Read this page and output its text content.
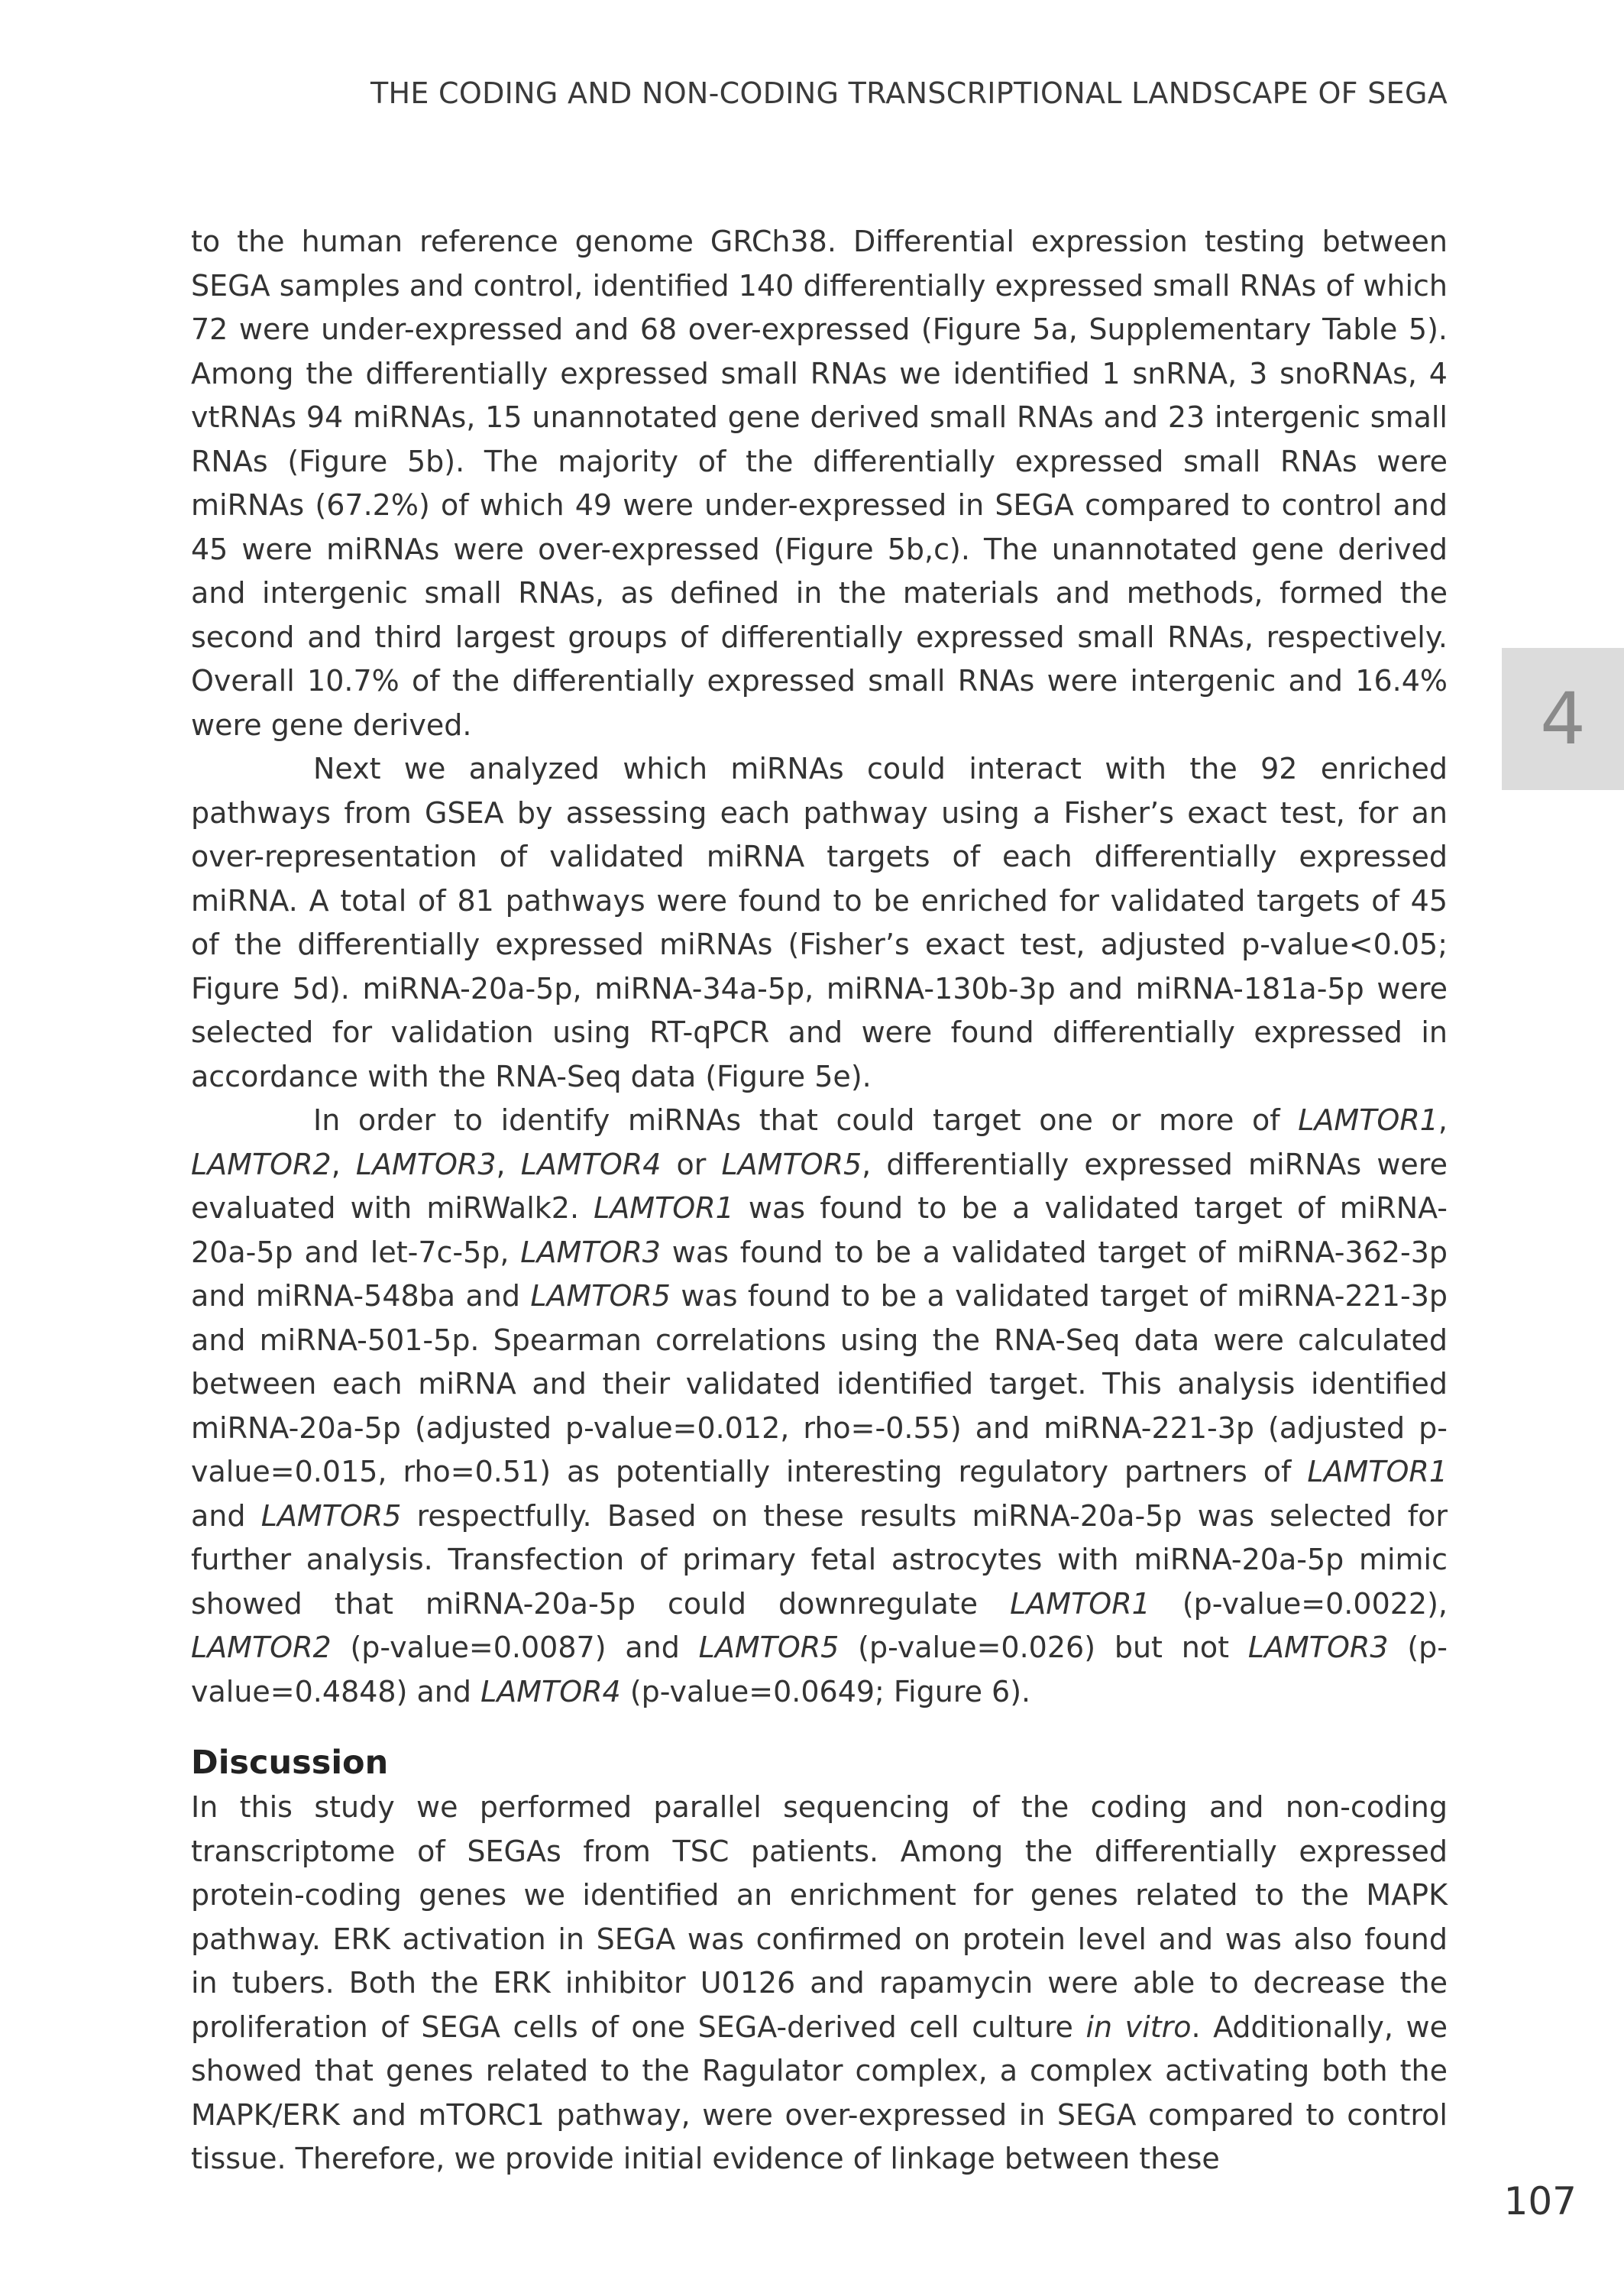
THE CODING AND NON-CODING TRANSCRIPTIONAL LANDSCAPE OF SEGA
4

to the human reference genome GRCh38. Differential expression testing between SEGA samples and control, identified 140 differentially expressed small RNAs of which 72 were under-expressed and 68 over-expressed (Figure 5a, Supplementary Table 5). Among the differentially expressed small RNAs we identified 1 snRNA, 3 snoRNAs, 4 vtRNAs 94 miRNAs, 15 unannotated gene derived small RNAs and 23 intergenic small RNAs (Figure 5b). The majority of the differentially expressed small RNAs were miRNAs (67.2%) of which 49 were under-expressed in SEGA compared to control and 45 were miRNAs were over-expressed (Figure 5b,c). The unannotated gene derived and intergenic small RNAs, as defined in the materials and methods, formed the second and third largest groups of differentially expressed small RNAs, respectively. Overall 10.7% of the differentially expressed small RNAs were intergenic and 16.4% were gene derived.

Next we analyzed which miRNAs could interact with the 92 enriched pathways from GSEA by assessing each pathway using a Fisher’s exact test, for an over-representation of validated miRNA targets of each differentially expressed miRNA. A total of 81 pathways were found to be enriched for validated targets of 45 of the differentially expressed miRNAs (Fisher’s exact test, adjusted p-value<0.05; Figure 5d). miRNA-20a-5p, miRNA-34a-5p, miRNA-130b-3p and miRNA-181a-5p were selected for validation using RT-qPCR and were found differentially expressed in accordance with the RNA-Seq data (Figure 5e).

In order to identify miRNAs that could target one or more of LAMTOR1, LAMTOR2, LAMTOR3, LAMTOR4 or LAMTOR5, differentially expressed miRNAs were evaluated with miRWalk2. LAMTOR1 was found to be a validated target of miRNA-20a-5p and let-7c-5p, LAMTOR3 was found to be a validated target of miRNA-362-3p and miRNA-548ba and LAMTOR5 was found to be a validated target of miRNA-221-3p and miRNA-501-5p. Spearman correlations using the RNA-Seq data were calculated between each miRNA and their validated identified target. This analysis identified miRNA-20a-5p (adjusted p-value=0.012, rho=-0.55) and miRNA-221-3p (adjusted p-value=0.015, rho=0.51) as potentially interesting regulatory partners of LAMTOR1 and LAMTOR5 respectfully. Based on these results miRNA-20a-5p was selected for further analysis. Transfection of primary fetal astrocytes with miRNA-20a-5p mimic showed that miRNA-20a-5p could downregulate LAMTOR1 (p-value=0.0022), LAMTOR2 (p-value=0.0087) and LAMTOR5 (p-value=0.026) but not LAMTOR3 (p-value=0.4848) and LAMTOR4 (p-value=0.0649; Figure 6).

Discussion

In this study we performed parallel sequencing of the coding and non-coding transcriptome of SEGAs from TSC patients. Among the differentially expressed protein-coding genes we identified an enrichment for genes related to the MAPK pathway. ERK activation in SEGA was confirmed on protein level and was also found in tubers. Both the ERK inhibitor U0126 and rapamycin were able to decrease the proliferation of SEGA cells of one SEGA-derived cell culture in vitro. Additionally, we showed that genes related to the Ragulator complex, a complex activating both the MAPK/ERK and mTORC1 pathway, were over-expressed in SEGA compared to control tissue. Therefore, we provide initial evidence of linkage between these

107
